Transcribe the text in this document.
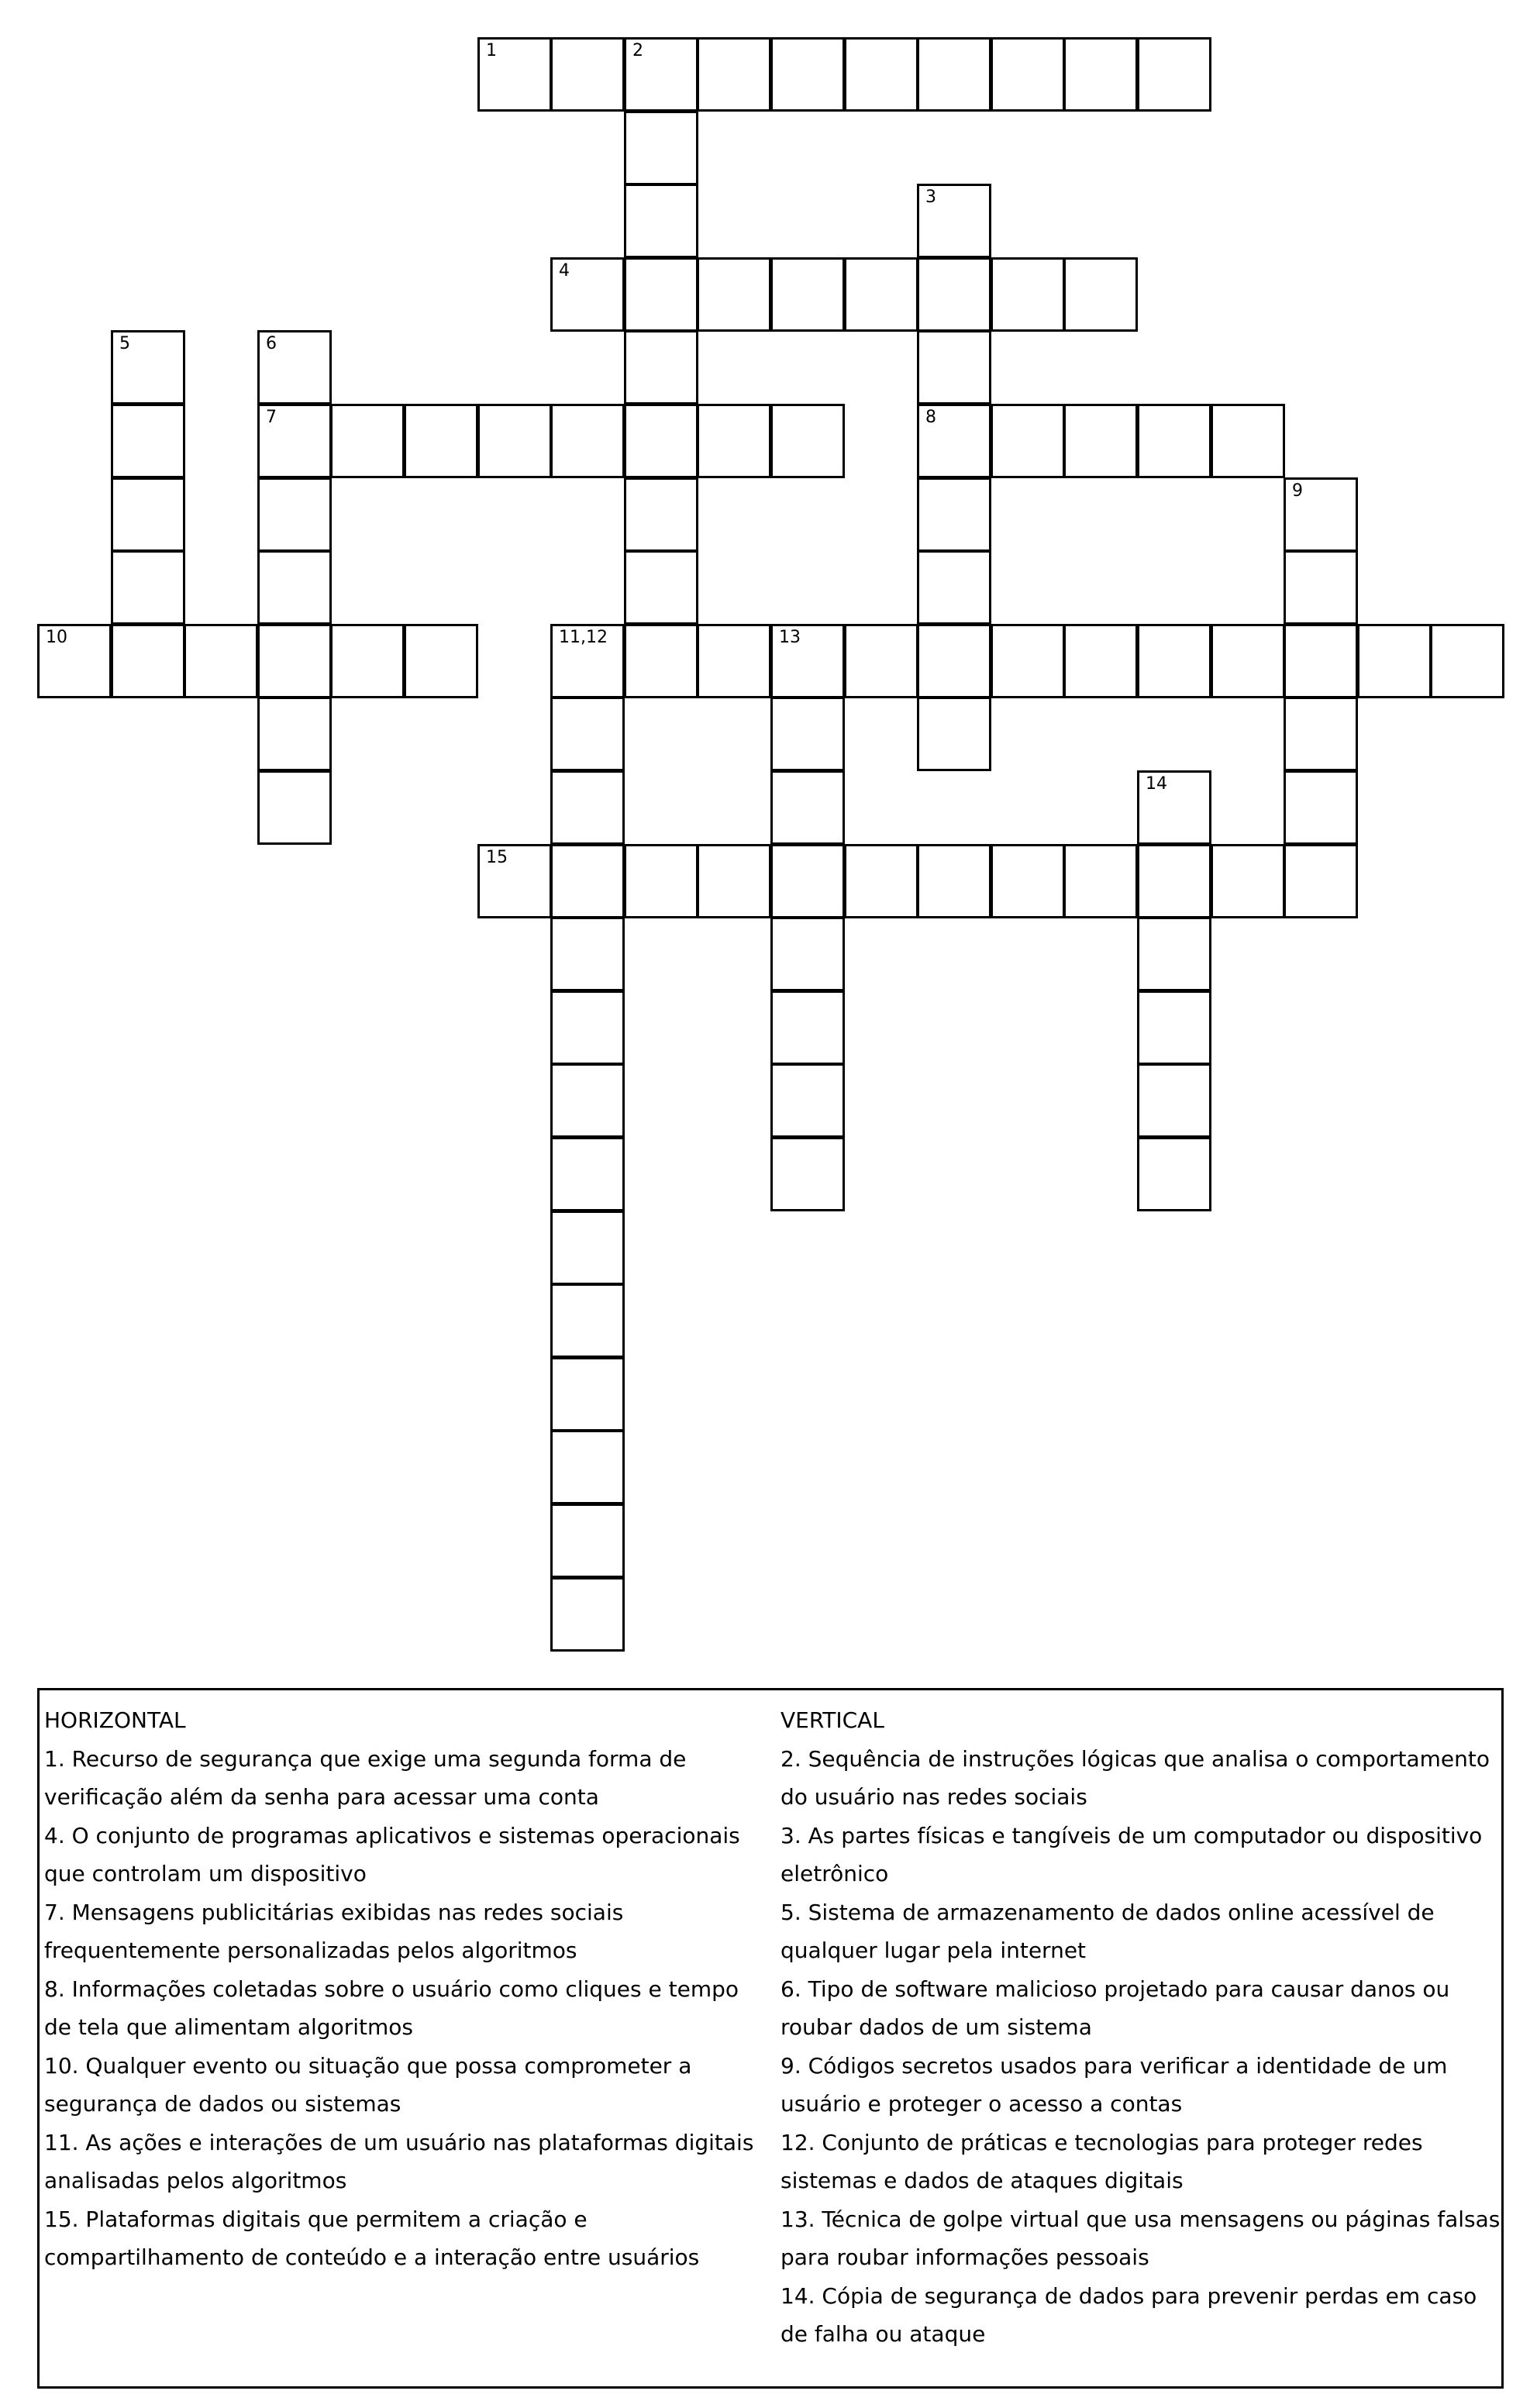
1	2
3
8
4
5	6
7
9
10	11,12	13
14
15

HORIZONTAL

1. Recurso de segurança que exige uma segunda forma de verificação além da senha para acessar uma conta

4. O conjunto de programas aplicativos e sistemas operacionais que controlam um dispositivo

7. Mensagens publicitárias exibidas nas redes sociais frequentemente personalizadas pelos algoritmos

8. Informações coletadas sobre o usuário como cliques e tempo de tela que alimentam algoritmos

10. Qualquer evento ou situação que possa comprometer a segurança de dados ou sistemas

11. As ações e interações de um usuário nas plataformas digitais analisadas pelos algoritmos

15. Plataformas digitais que permitem a criação e compartilhamento de conteúdo e a interação entre usuários

VERTICAL

2. Sequência de instruções lógicas que analisa o comportamento do usuário nas redes sociais

3. As partes físicas e tangíveis de um computador ou dispositivo eletrônico

5. Sistema de armazenamento de dados online acessível de qualquer lugar pela internet

6. Tipo de software malicioso projetado para causar danos ou roubar dados de um sistema

9. Códigos secretos usados para verificar a identidade de um usuário e proteger o acesso a contas

12. Conjunto de práticas e tecnologias para proteger redes sistemas e dados de ataques digitais

13. Técnica de golpe virtual que usa mensagens ou páginas falsas para roubar informações pessoais

14. Cópia de segurança de dados para prevenir perdas em caso de falha ou ataque
